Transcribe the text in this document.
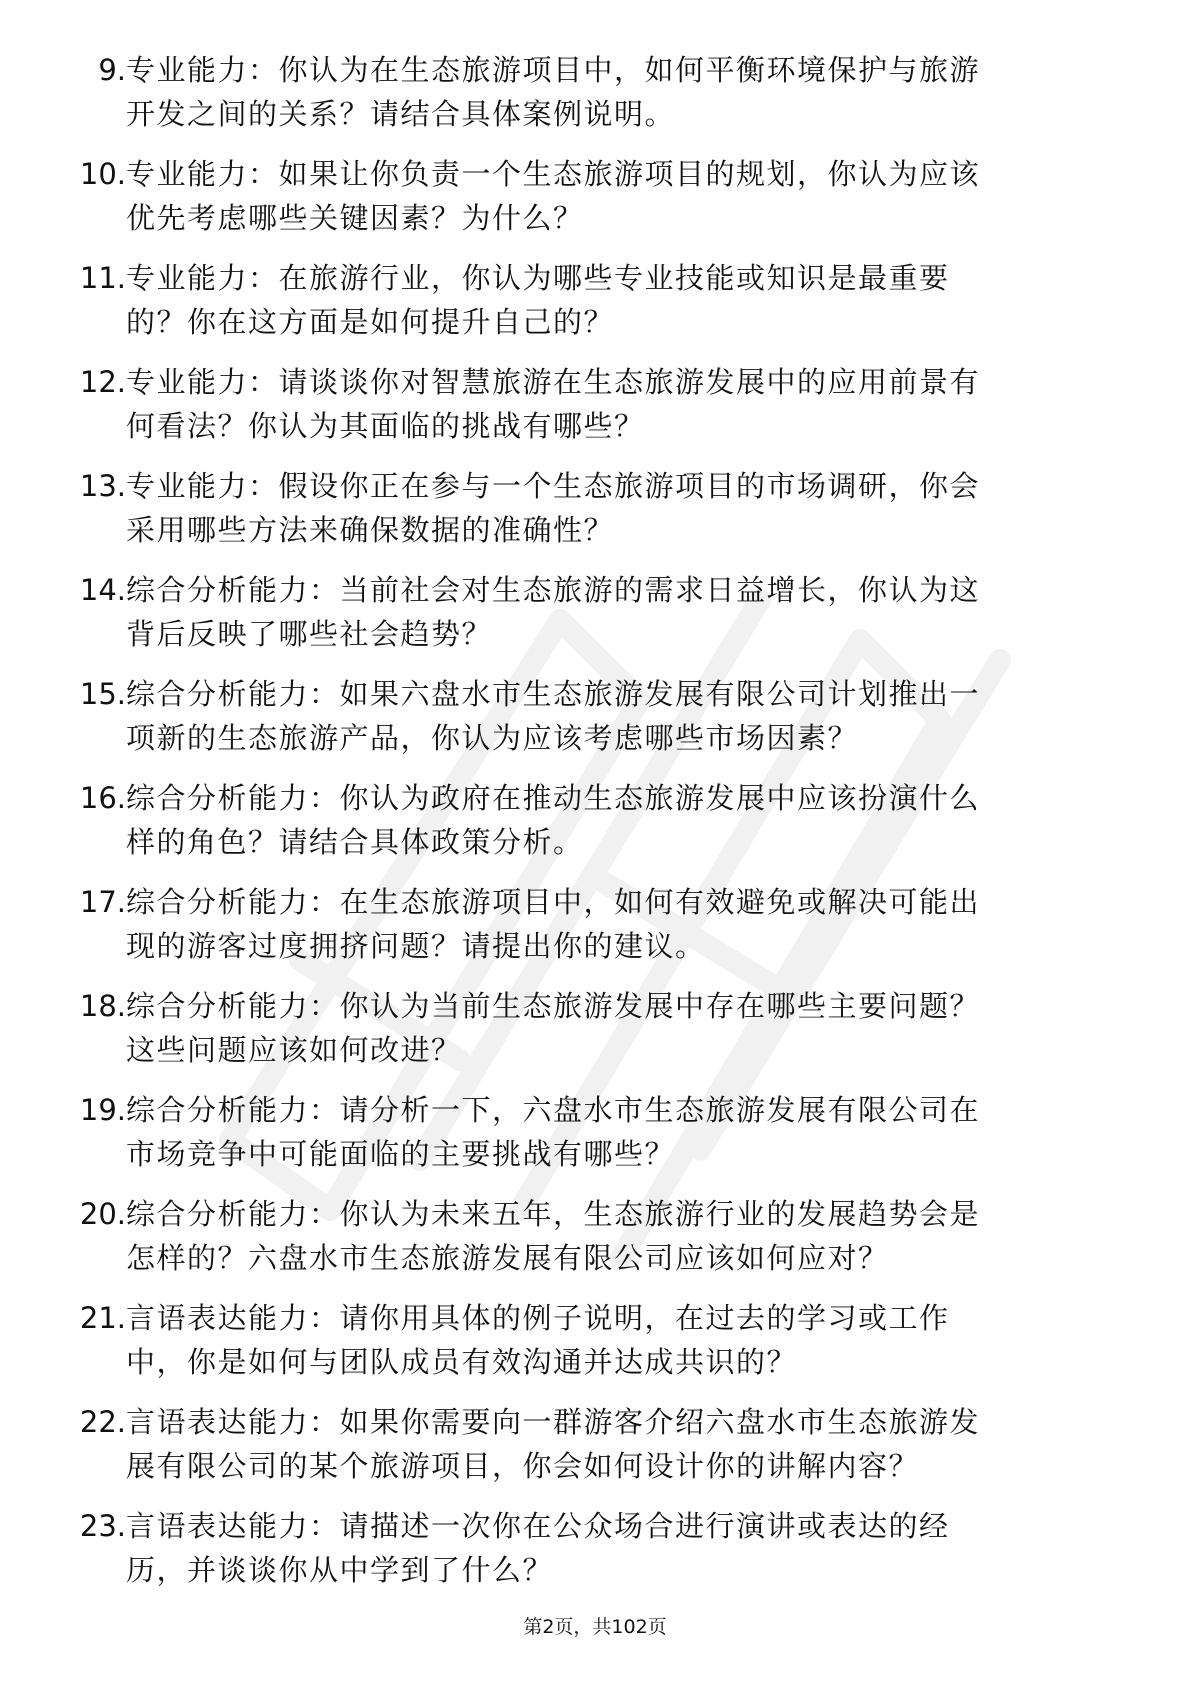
9. 专业能力：你认为在生态旅游项目中，如何平衡环境保护与旅游
开发之间的关系？请结合具体案例说明。
10. 专业能力：如果让你负责一个生态旅游项目的规划，你认为应该
优先考虑哪些关键因素？为什么？
11. 专业能力：在旅游行业，你认为哪些专业技能或知识是最重要
的？你在这方面是如何提升自己的？
12. 专业能力：请谈谈你对智慧旅游在生态旅游发展中的应用前景有
何看法？你认为其面临的挑战有哪些？
13. 专业能力：假设你正在参与一个生态旅游项目的市场调研，你会
采用哪些方法来确保数据的准确性？
14. 综合分析能力：当前社会对生态旅游的需求日益增长，你认为这
背后反映了哪些社会趋势？
15. 综合分析能力：如果六盘水市生态旅游发展有限公司计划推出一
项新的生态旅游产品，你认为应该考虑哪些市场因素？
16. 综合分析能力：你认为政府在推动生态旅游发展中应该扮演什么
样的角色？请结合具体政策分析。
17. 综合分析能力：在生态旅游项目中，如何有效避免或解决可能出
现的游客过度拥挤问题？请提出你的建议。
18. 综合分析能力：你认为当前生态旅游发展中存在哪些主要问题？
这些问题应该如何改进？
19. 综合分析能力：请分析一下，六盘水市生态旅游发展有限公司在
市场竞争中可能面临的主要挑战有哪些？
20. 综合分析能力：你认为未来五年，生态旅游行业的发展趋势会是
怎样的？六盘水市生态旅游发展有限公司应该如何应对？
21. 言语表达能力：请你用具体的例子说明，在过去的学习或工作
中，你是如何与团队成员有效沟通并达成共识的？
22. 言语表达能力：如果你需要向一群游客介绍六盘水市生态旅游发
展有限公司的某个旅游项目，你会如何设计你的讲解内容？
23. 言语表达能力：请描述一次你在公众场合进行演讲或表达的经
历，并谈谈你从中学到了什么？
第2页，共102页
